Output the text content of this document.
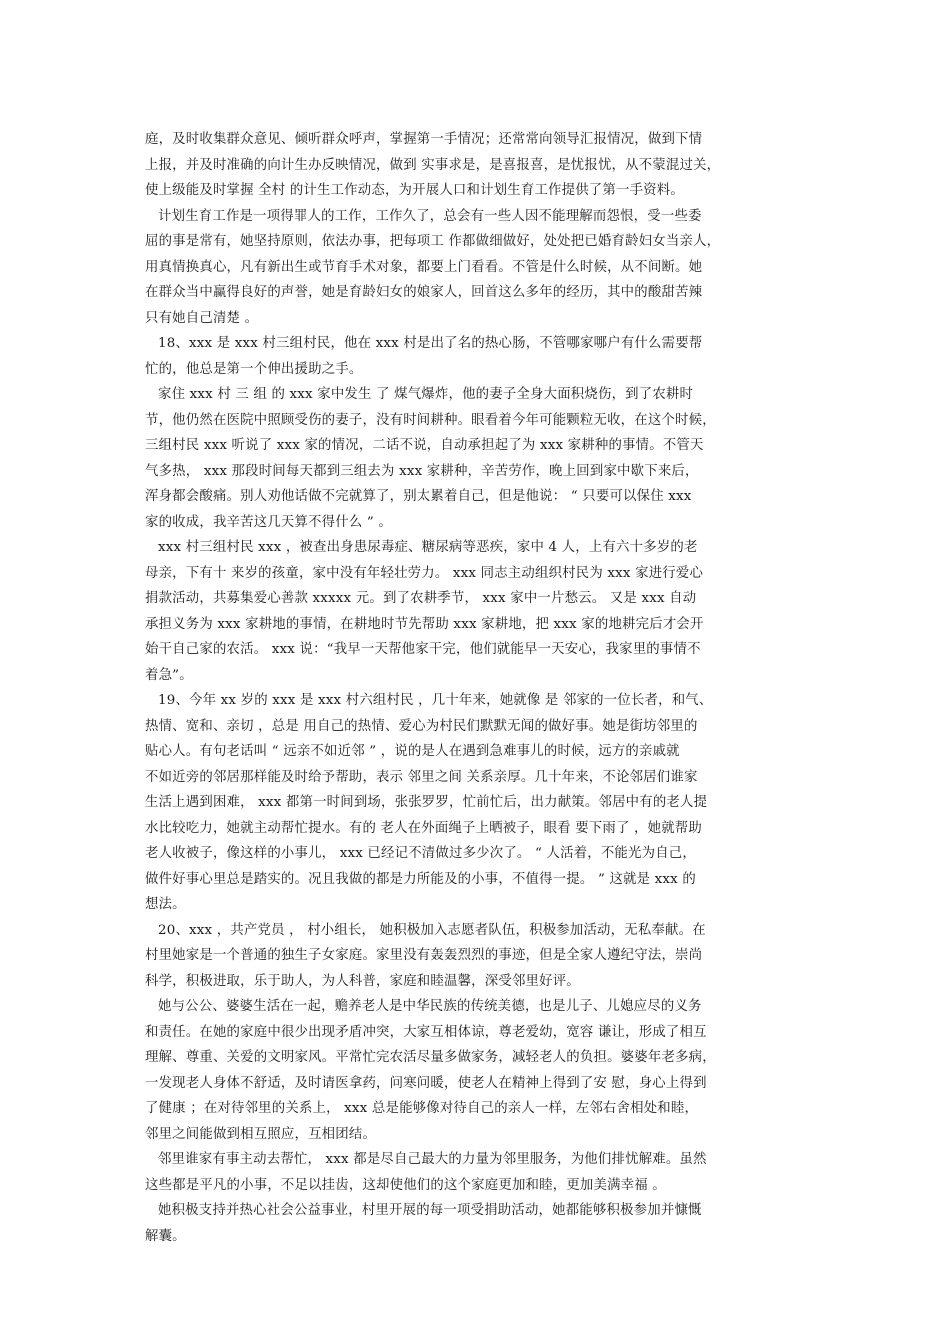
庭，及时收集群众意见、倾听群众呼声，掌握第一手情况；还常常向领导汇报情况，做到下情
上报，并及时准确的向计生办反映情况，做到 实事求是，是喜报喜，是忧报忧，从不蒙混过关，
使上级能及时掌握 全村 的计生工作动态，为开展人口和计划生育工作提供了第一手资料。
计划生育工作是一项得罪人的工作，工作久了，总会有一些人因不能理解而怨恨，受一些委
屈的事是常有，她坚持原则，依法办事，把每项工 作都做细做好，处处把已婚育龄妇女当亲人，
用真情换真心，凡有新出生或节育手术对象，都要上门看看。不管是什么时候，从不间断。她
在群众当中赢得良好的声誉，她是育龄妇女的娘家人，回首这么多年的经历，其中的酸甜苦辣
只有她自己清楚 。
18、xxx 是 xxx 村三组村民，他在 xxx 村是出了名的热心肠，不管哪家哪户有什么需要帮
忙的，他总是第一个伸出援助之手。
家住 xxx 村 三 组 的 xxx 家中发生 了 煤气爆炸，他的妻子全身大面积烧伤，到了农耕时
节，他仍然在医院中照顾受伤的妻子，没有时间耕种。眼看着今年可能颗粒无收，在这个时候，
三组村民 xxx 听说了 xxx 家的情况，二话不说，自动承担起了为 xxx 家耕种的事情。不管天
气多热， xxx 那段时间每天都到三组去为 xxx 家耕种，辛苦劳作，晚上回到家中歇下来后，
浑身都会酸痛。别人劝他话做不完就算了，别太累着自己，但是他说： “ 只要可以保住 xxx
家的收成，我辛苦这几天算不得什么 ” 。
xxx 村三组村民 xxx ，被查出身患尿毒症、糖尿病等恶疾，家中 4 人，上有六十多岁的老
母亲，下有十 来岁的孩童，家中没有年轻壮劳力。 xxx 同志主动组织村民为 xxx 家进行爱心
捐款活动，共募集爱心善款 xxxxx 元。到了农耕季节， xxx 家中一片愁云。 又是 xxx 自动
承担义务为 xxx 家耕地的事情，在耕地时节先帮助 xxx 家耕地，把 xxx 家的地耕完后才会开
始干自己家的农活。 xxx 说：“我早一天帮他家干完，他们就能早一天安心，我家里的事情不
着急”。
19、今年 xx 岁的 xxx 是 xxx 村六组村民 ，几十年来，她就像 是 邻家的一位长者，和气、
热情、宽和、亲切 ，总是 用自己的热情、爱心为村民们默默无闻的做好事。她是街坊邻里的
贴心人。有句老话叫 “ 远亲不如近邻 ” ，说的是人在遇到急难事儿的时候，远方的亲戚就
不如近旁的邻居那样能及时给予帮助，表示 邻里之间 关系亲厚。几十年来，不论邻居们谁家
生活上遇到困难， xxx 都第一时间到场，张张罗罗，忙前忙后，出力献策。邻居中有的老人提
水比较吃力，她就主动帮忙提水。有的 老人在外面绳子上晒被子，眼看 要下雨了 ，她就帮助
老人收被子，像这样的小事儿， xxx 已经记不清做过多少次了。 “ 人活着，不能光为自己，
做件好事心里总是踏实的。况且我做的都是力所能及的小事，不值得一提。 ” 这就是 xxx 的
想法。
20、xxx ，共产党员 ， 村小组长， 她积极加入志愿者队伍，积极参加活动，无私奉献。在
村里她家是一个普通的独生子女家庭。家里没有轰轰烈烈的事迹，但是全家人遵纪守法，崇尚
科学，积极进取，乐于助人，为人科普，家庭和睦温馨，深受邻里好评。
她与公公、婆婆生活在一起，赡养老人是中华民族的传统美德，也是儿子、儿媳应尽的义务
和责任。在她的家庭中很少出现矛盾冲突，大家互相体谅，尊老爱幼，宽容 谦让，形成了相互
理解、尊重、关爱的文明家风。平常忙完农活尽量多做家务，减轻老人的负担。婆婆年老多病，
一发现老人身体不舒适，及时请医拿药，问寒问暖，使老人在精神上得到了安 慰，身心上得到
了健康 ；在对待邻里的关系上， xxx 总是能够像对待自己的亲人一样，左邻右舍相处和睦，
邻里之间能做到相互照应，互相团结。
邻里谁家有事主动去帮忙， xxx 都是尽自己最大的力量为邻里服务，为他们排忧解难。虽然
这些都是平凡的小事，不足以挂齿，这却使他们的这个家庭更加和睦，更加美满幸福 。
她积极支持并热心社会公益事业，村里开展的每一项受捐助活动，她都能够积极参加并慷慨
解囊。
